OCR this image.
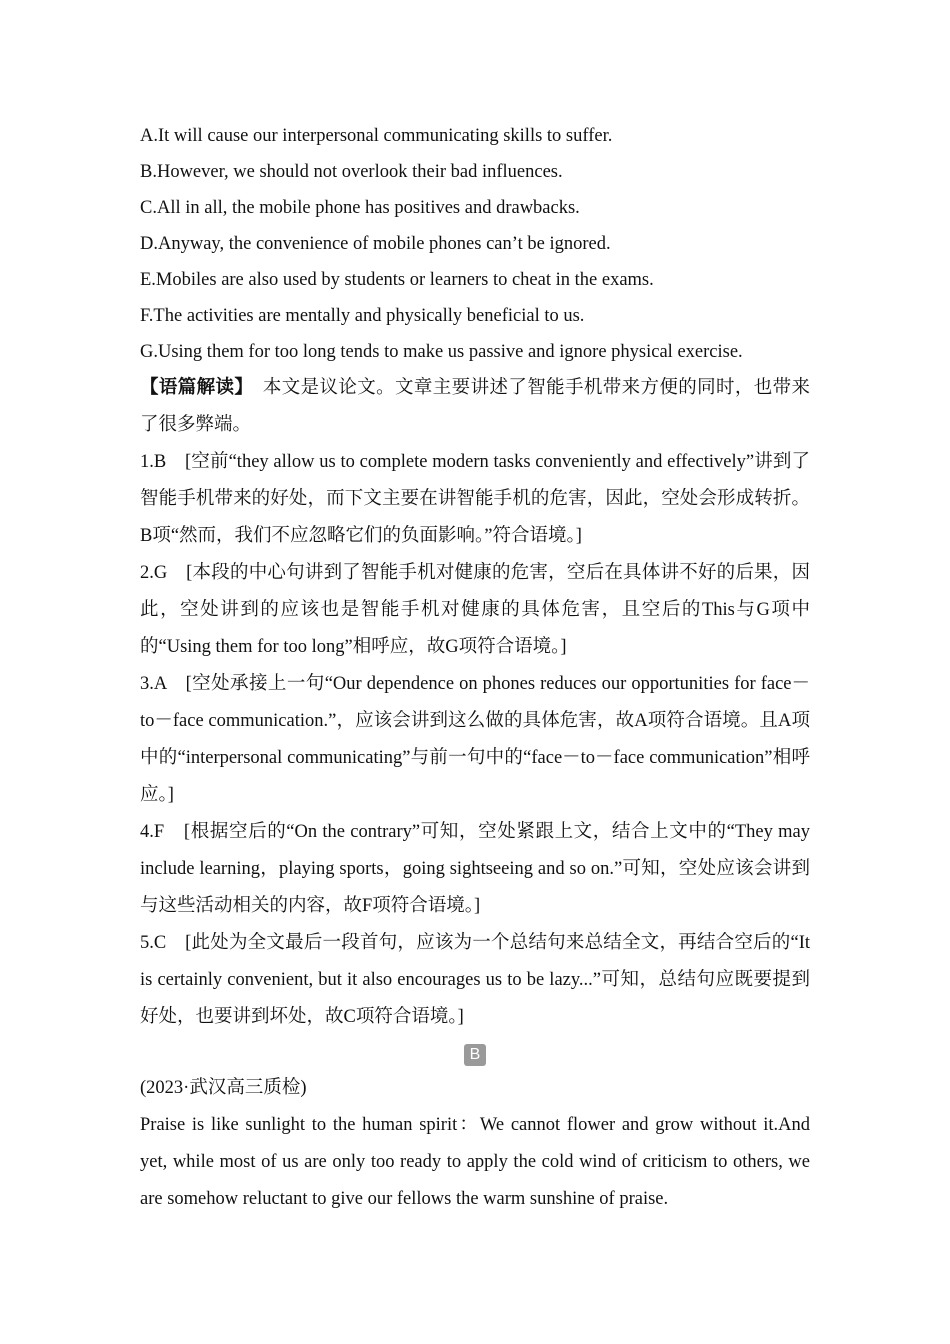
A.It will cause our interpersonal communicating skills to suffer.
B.However, we should not overlook their bad influences.
C.All in all, the mobile phone has positives and drawbacks.
D.Anyway, the convenience of mobile phones can’t be ignored.
E.Mobiles are also used by students or learners to cheat in the exams.
F.The activities are mentally and physically beneficial to us.
G.Using them for too long tends to make us passive and ignore physical exercise.
【语篇解读】　本文是议论文。文章主要讲述了智能手机带来方便的同时，也带来了很多弊端。
1.B　[空前“they allow us to complete modern tasks conveniently and effectively”讲到了智能手机带来的好处，而下文主要在讲智能手机的危害，因此，空处会形成转折。B项“然而，我们不应忽略它们的负面影响。”符合语境。]
2.G　[本段的中心句讲到了智能手机对健康的危害，空后在具体讲不好的后果，因此，空处讲到的应该也是智能手机对健康的具体危害，且空后的This与G项中的“Using them for too long”相呼应，故G项符合语境。]
3.A　[空处承接上一句“Our dependence on phones reduces our opportunities for face－to－face communication.”，应该会讲到这么做的具体危害，故A项符合语境。且A项中的“interpersonal communicating”与前一句中的“face－to－face communication”相呼应。]
4.F　[根据空后的“On the contrary”可知，空处紧跟上文，结合上文中的“They may include learning，playing sports，going sightseeing and so on.”可知，空处应该会讲到与这些活动相关的内容，故F项符合语境。]
5.C　[此处为全文最后一段首句，应该为一个总结句来总结全文，再结合空后的“It is certainly convenient, but it also encourages us to be lazy...”可知，总结句应既要提到好处，也要讲到坏处，故C项符合语境。]
B
(2023·武汉高三质检)
Praise is like sunlight to the human spirit：We cannot flower and grow without it.And yet, while most of us are only too ready to apply the cold wind of criticism to others, we are somehow reluctant to give our fellows the warm sunshine of praise.
